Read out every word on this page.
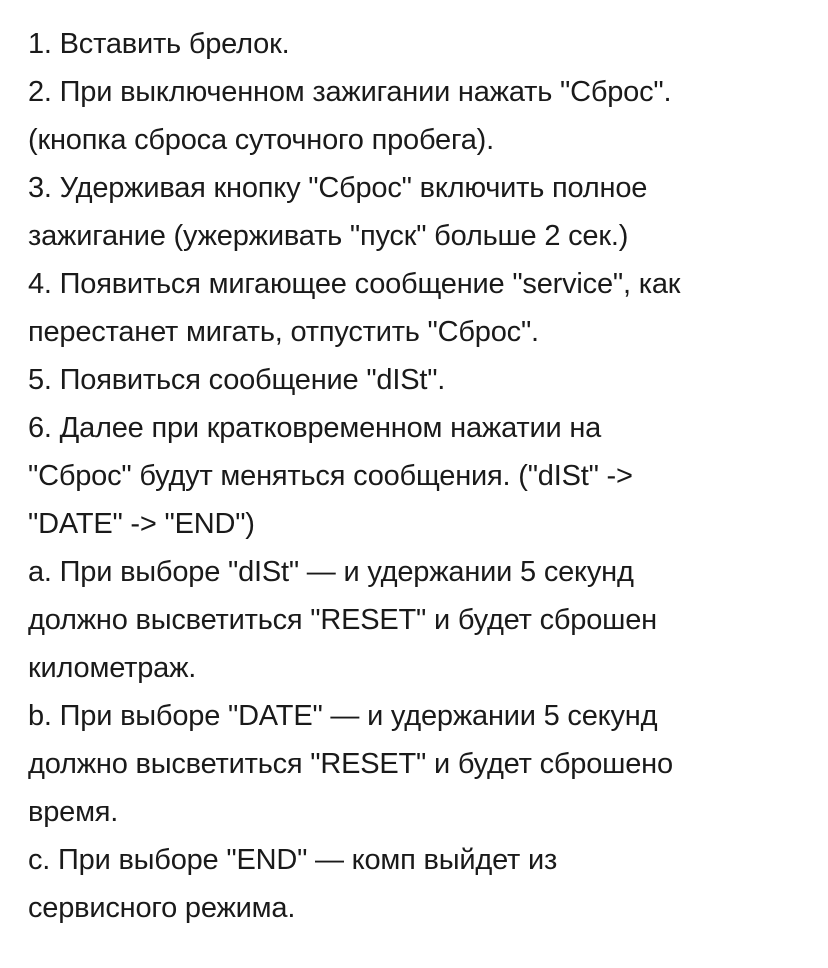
1. Вставить брелок.
2. При выключенном зажигании нажать "Сброс".
(кнопка сброса суточного пробега).
3. Удерживая кнопку "Сброс" включить полное
зажигание (ужерживать "пуск" больше 2 сек.)
4. Появиться мигающее сообщение "service", как
перестанет мигать, отпустить "Сброс".
5. Появиться сообщение "dISt".
6. Далее при кратковременном нажатии на
"Сброс" будут меняться сообщения. ("dISt" ->
"DATE" -> "END")
a. При выборе "dISt" — и удержании 5 секунд
должно высветиться "RESET" и будет сброшен
километраж.
b. При выборе "DATE" — и удержании 5 секунд
должно высветиться "RESET" и будет сброшено
время.
c. При выборе "END" — комп выйдет из
сервисного режима.
